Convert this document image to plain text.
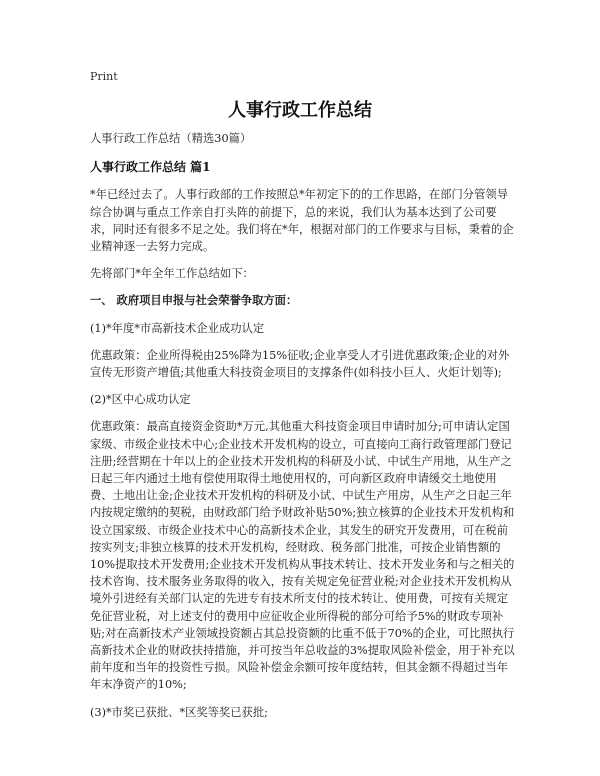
Print
人事行政工作总结

人事行政工作总结（精选30篇）

人事行政工作总结 篇1

*年已经过去了。人事行政部的工作按照总*年初定下的的工作思路，在部门分管领导综合协调与重点工作亲自打头阵的前提下，总的来说，我们认为基本达到了公司要求，同时还有很多不足之处。我们将在*年，根据对部门的工作要求与目标，秉着的企业精神逐一去努力完成。

先将部门*年全年工作总结如下：

一、 政府项目申报与社会荣誉争取方面：

(1)*年度*市高新技术企业成功认定

优惠政策：企业所得税由25%降为15%征收;企业享受人才引进优惠政策;企业的对外宣传无形资产增值;其他重大科技资金项目的支撑条件(如科技小巨人、火炬计划等);

(2)*区中心成功认定

优惠政策：最高直接资金资助*万元,其他重大科技资金项目申请时加分;可申请认定国家级、市级企业技术中心;企业技术开发机构的设立，可直接向工商行政管理部门登记注册;经营期在十年以上的企业技术开发机构的科研及小试、中试生产用地，从生产之日起三年内通过土地有偿使用取得土地使用权的，可向新区政府申请缓交土地使用费、土地出让金;企业技术开发机构的科研及小试、中试生产用房，从生产之日起三年内按规定缴纳的契税，由财政部门给予财政补贴50%;独立核算的企业技术开发机构和设立国家级、市级企业技术中心的高新技术企业，其发生的研究开发费用，可在税前按实列支;非独立核算的技术开发机构，经财政、税务部门批准，可按企业销售额的10%提取技术开发费用;企业技术开发机构从事技术转让、技术开发业务和与之相关的技术咨询、技术服务业务取得的收入，按有关规定免征营业税;对企业技术开发机构从境外引进经有关部门认定的先进专有技术所支付的技术转让、使用费，可按有关规定免征营业税，对上述支付的费用中应征收企业所得税的部分可给予5%的财政专项补贴;对在高新技术产业领域投资额占其总投资额的比重不低于70%的企业，可比照执行高新技术企业的财政扶持措施，并可按当年总收益的3%提取风险补偿金，用于补充以前年度和当年的投资性亏损。风险补偿金余额可按年度结转，但其金额不得超过当年年末净资产的10%;

(3)*市奖已获批、*区奖等奖已获批;
